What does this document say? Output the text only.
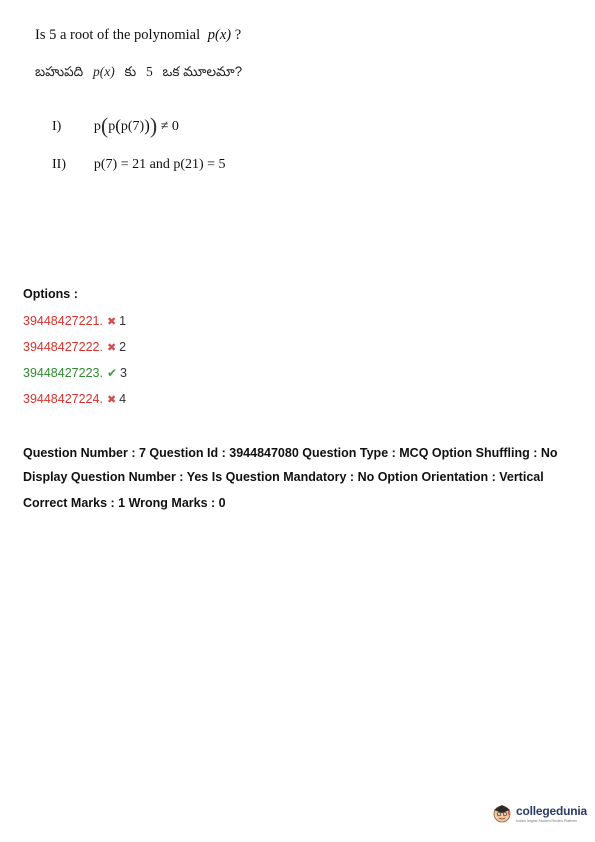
Is 5 a root of the polynomial p(x) ?
బహుపది p(x) కు 5 ఒక మూలమా?
I) p(p(p(7))) ≠ 0
II) p(7) = 21 and p(21) = 5
Options :
39448427221. ✖ 1
39448427222. ✖ 2
39448427223. ✔ 3
39448427224. ✖ 4
Question Number : 7 Question Id : 3944847080 Question Type : MCQ Option Shuffling : No
Display Question Number : Yes Is Question Mandatory : No Option Orientation : Vertical
Correct Marks : 1 Wrong Marks : 0
collegedunia
India's largest Student Review Platform
